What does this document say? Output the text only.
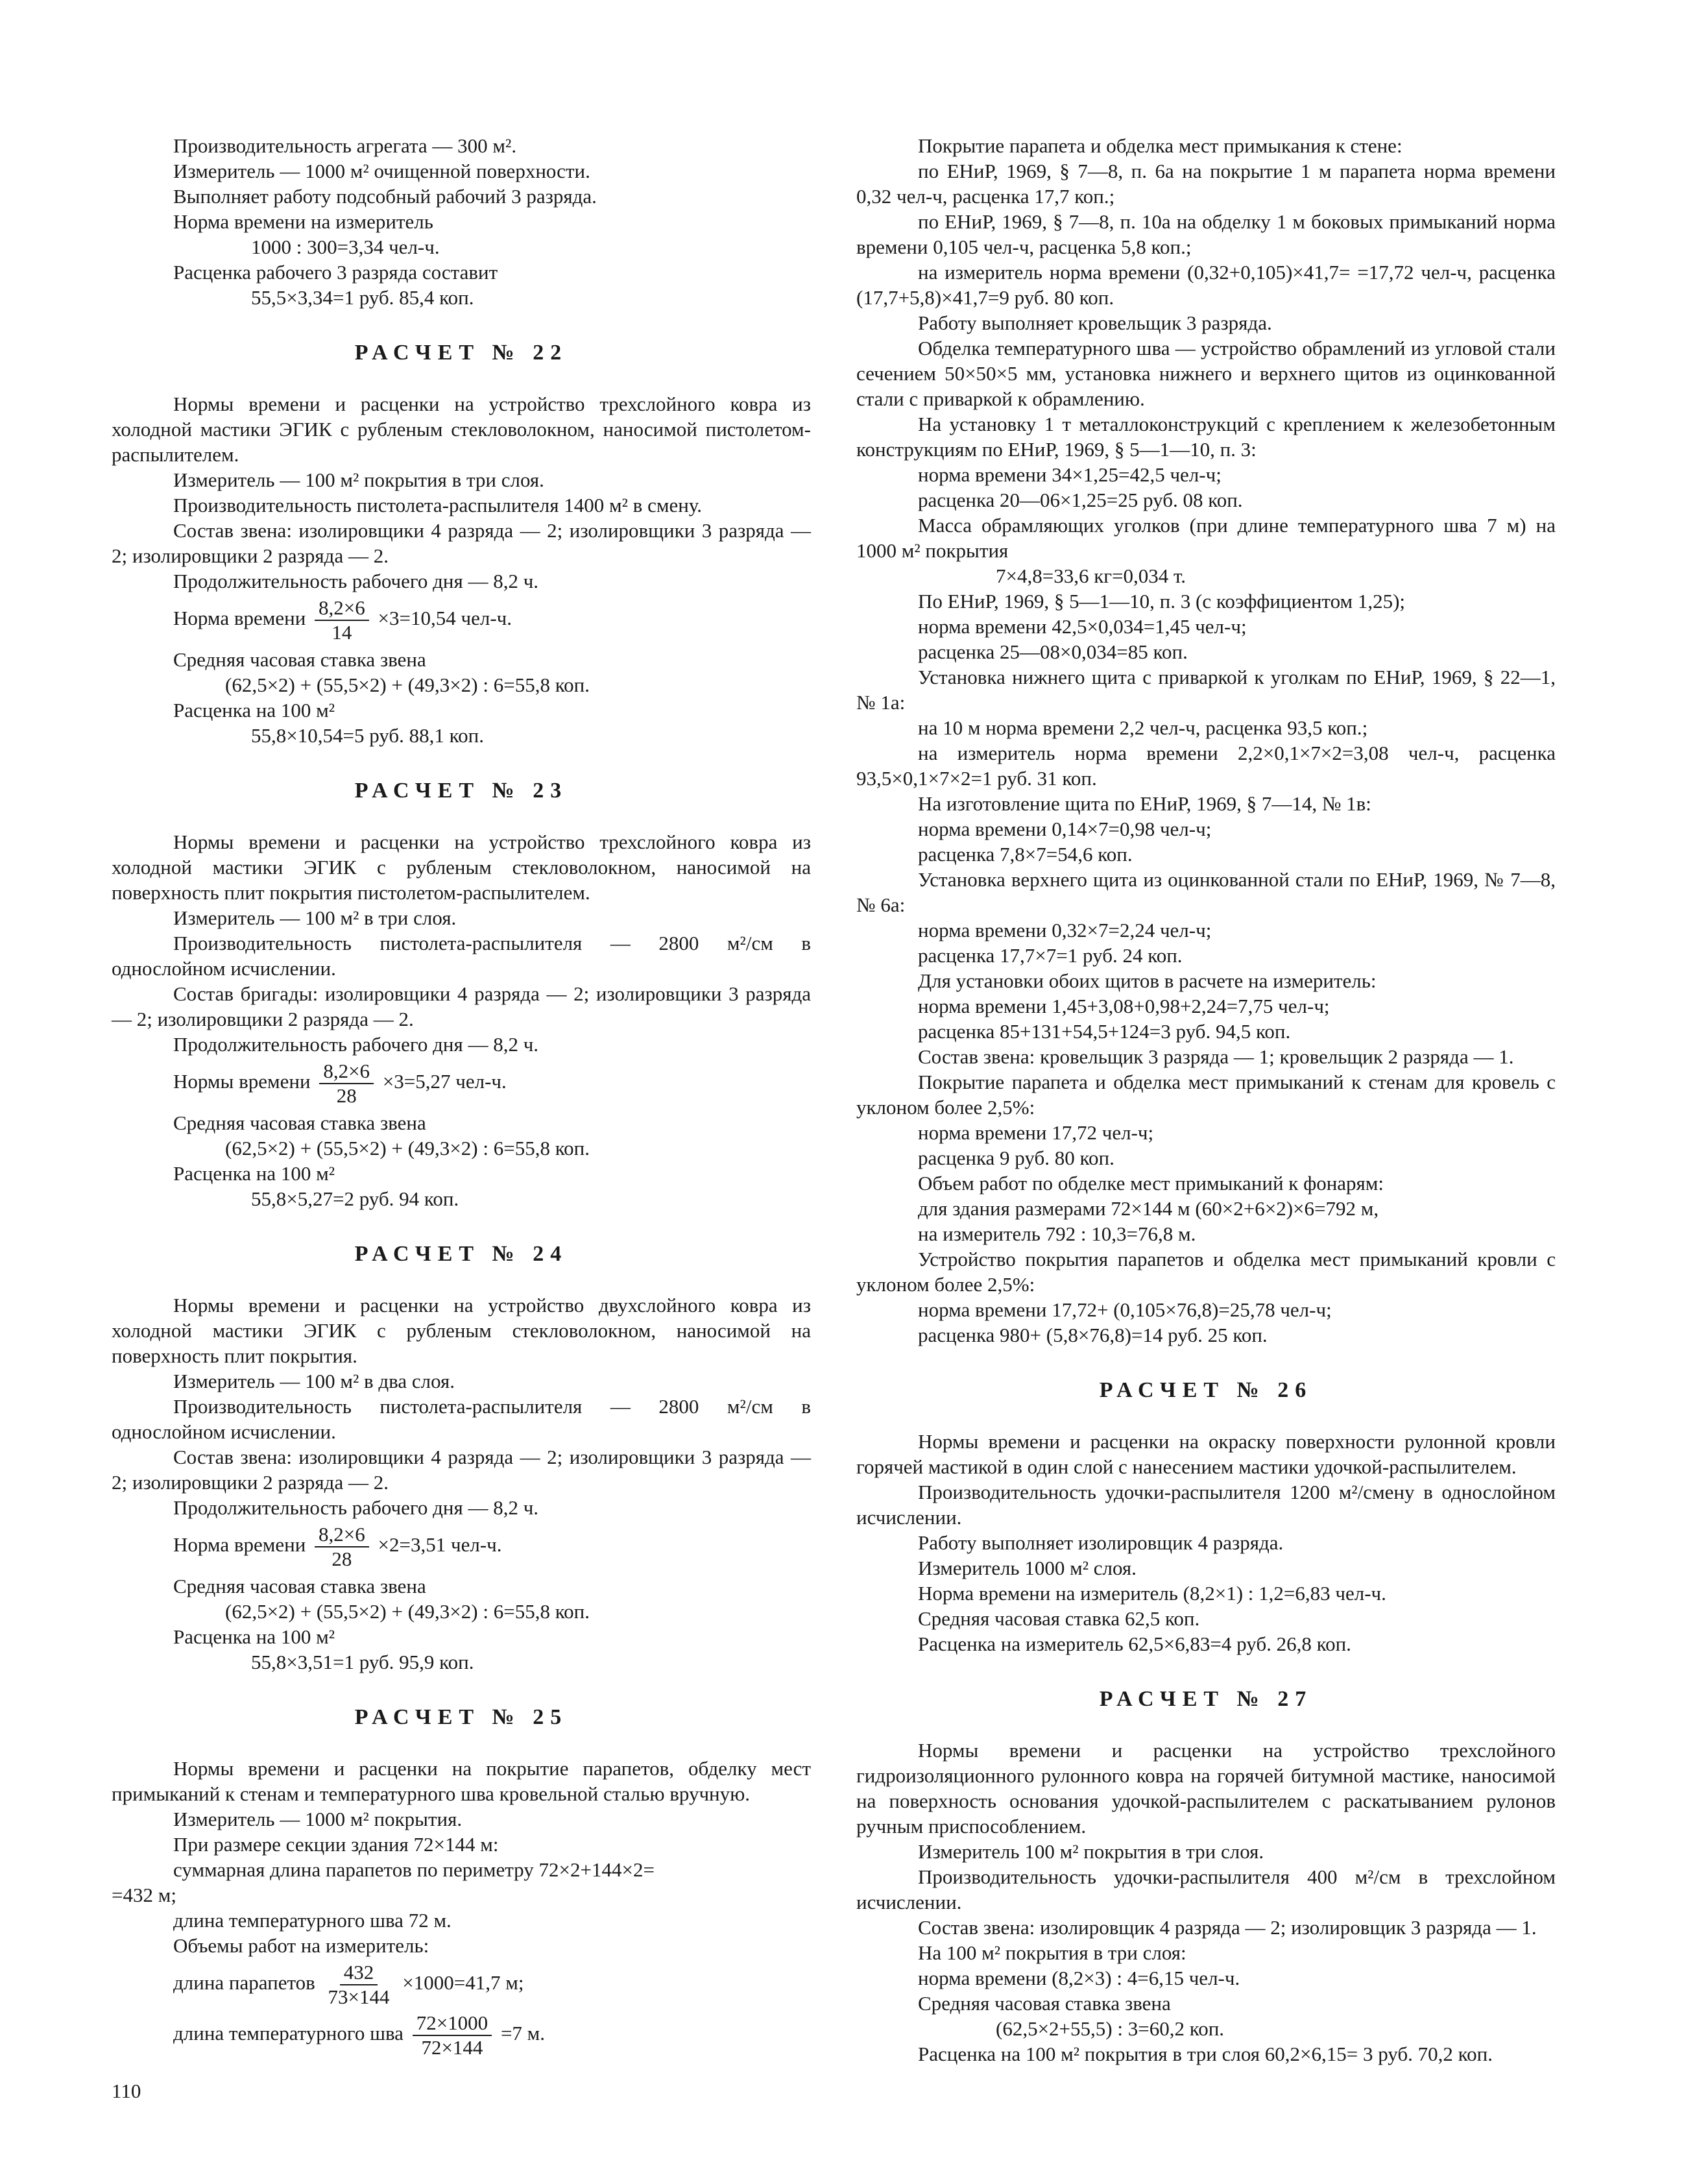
Производительность агрегата — 300 м².

Измеритель — 1000 м² очищенной поверхности.

Выполняет работу подсобный рабочий 3 разряда.

Норма времени на измеритель

1000 : 300=3,34 чел-ч.

Расценка рабочего 3 разряда составит

55,5×3,34=1 руб. 85,4 коп.

РАСЧЕТ № 22

Нормы времени и расценки на устройство трехслойного ковра из холодной мастики ЭГИК с рубленым стекловолокном, наносимой пистолетом-распылителем.

Измеритель — 100 м² покрытия в три слоя.

Производительность пистолета-распылителя 1400 м² в смену.

Состав звена: изолировщики 4 разряда — 2; изолировщики 3 разряда — 2; изолировщики 2 разряда — 2.

Продолжительность рабочего дня — 8,2 ч.

Норма времени $\frac{8,2\times 6}{14} \times 3=10,54$ чел-ч.

Средняя часовая ставка звена

(62,5×2) + (55,5×2) + (49,3×2) : 6=55,8 коп.

Расценка на 100 м²

55,8×10,54=5 руб. 88,1 коп.

РАСЧЕТ № 23

Нормы времени и расценки на устройство трехслойного ковра из холодной мастики ЭГИК с рубленым стекловолокном, наносимой на поверхность плит покрытия пистолетом-распылителем.

Измеритель — 100 м² в три слоя.

Производительность пистолета-распылителя — 2800 м²/см в однослойном исчислении.

Состав бригады: изолировщики 4 разряда — 2; изолировщики 3 разряда — 2; изолировщики 2 разряда — 2.

Продолжительность рабочего дня — 8,2 ч.

Нормы времени $\frac{8,2\times 6}{28} \times 3=5,27$ чел-ч.

Средняя часовая ставка звена

(62,5×2) + (55,5×2) + (49,3×2) : 6=55,8 коп.

Расценка на 100 м²

55,8×5,27=2 руб. 94 коп.

РАСЧЕТ № 24

Нормы времени и расценки на устройство двухслойного ковра из холодной мастики ЭГИК с рубленым стекловолокном, наносимой на поверхность плит покрытия.

Измеритель — 100 м² в два слоя.

Производительность пистолета-распылителя — 2800 м²/см в однослойном исчислении.

Состав звена: изолировщики 4 разряда — 2; изолировщики 3 разряда — 2; изолировщики 2 разряда — 2.

Продолжительность рабочего дня — 8,2 ч.

Норма времени $\frac{8,2\times 6}{28} \times 2=3,51$ чел-ч.

Средняя часовая ставка звена

(62,5×2) + (55,5×2) + (49,3×2) : 6=55,8 коп.

Расценка на 100 м²

55,8×3,51=1 руб. 95,9 коп.

РАСЧЕТ № 25

Нормы времени и расценки на покрытие парапетов, обделку мест примыканий к стенам и температурного шва кровельной сталью вручную.

Измеритель — 1000 м² покрытия.

При размере секции здания 72×144 м:

суммарная длина парапетов по периметру 72×2+144×2=

=432 м;

длина температурного шва 72 м.

Объемы работ на измеритель:

длина парапетов $\frac{432}{73\times 144} \times 1000=41,7$ м;
длина температурного шва $\frac{72\times 1000}{72\times 144} =7$ м.

Покрытие парапета и обделка мест примыкания к стене:

по ЕНиР, 1969, § 7—8, п. 6а на покрытие 1 м парапета норма времени 0,32 чел-ч, расценка 17,7 коп.;

по ЕНиР, 1969, § 7—8, п. 10а на обделку 1 м боковых примыканий норма времени 0,105 чел-ч, расценка 5,8 коп.;

на измеритель норма времени (0,32+0,105)×41,7= =17,72 чел-ч, расценка (17,7+5,8)×41,7=9 руб. 80 коп.

Работу выполняет кровельщик 3 разряда.

Обделка температурного шва — устройство обрамлений из угловой стали сечением 50×50×5 мм, установка нижнего и верхнего щитов из оцинкованной стали с приваркой к обрамлению.

На установку 1 т металлоконструкций с креплением к железобетонным конструкциям по ЕНиР, 1969, § 5—1—10, п. 3:

норма времени 34×1,25=42,5 чел-ч;

расценка 20—06×1,25=25 руб. 08 коп.

Масса обрамляющих уголков (при длине температурного шва 7 м) на 1000 м² покрытия

7×4,8=33,6 кг=0,034 т.

По ЕНиР, 1969, § 5—1—10, п. 3 (с коэффициентом 1,25);

норма времени 42,5×0,034=1,45 чел-ч;

расценка 25—08×0,034=85 коп.

Установка нижнего щита с приваркой к уголкам по ЕНиР, 1969, § 22—1, № 1а:

на 10 м норма времени 2,2 чел-ч, расценка 93,5 коп.;

на измеритель норма времени 2,2×0,1×7×2=3,08 чел-ч, расценка 93,5×0,1×7×2=1 руб. 31 коп.

На изготовление щита по ЕНиР, 1969, § 7—14, № 1в:

норма времени 0,14×7=0,98 чел-ч;

расценка 7,8×7=54,6 коп.

Установка верхнего щита из оцинкованной стали по ЕНиР, 1969, № 7—8, № 6а:

норма времени 0,32×7=2,24 чел-ч;

расценка 17,7×7=1 руб. 24 коп.

Для установки обоих щитов в расчете на измеритель:

норма времени 1,45+3,08+0,98+2,24=7,75 чел-ч;

расценка 85+131+54,5+124=3 руб. 94,5 коп.

Состав звена: кровельщик 3 разряда — 1; кровельщик 2 разряда — 1.

Покрытие парапета и обделка мест примыканий к стенам для кровель с уклоном более 2,5%:

норма времени 17,72 чел-ч;

расценка 9 руб. 80 коп.

Объем работ по обделке мест примыканий к фонарям:

для здания размерами 72×144 м (60×2+6×2)×6=792 м,

на измеритель 792 : 10,3=76,8 м.

Устройство покрытия парапетов и обделка мест примыканий кровли с уклоном более 2,5%:

норма времени 17,72+ (0,105×76,8)=25,78 чел-ч;

расценка 980+ (5,8×76,8)=14 руб. 25 коп.

РАСЧЕТ № 26

Нормы времени и расценки на окраску поверхности рулонной кровли горячей мастикой в один слой с нанесением мастики удочкой-распылителем.

Производительность удочки-распылителя 1200 м²/смену в однослойном исчислении.

Работу выполняет изолировщик 4 разряда.

Измеритель 1000 м² слоя.

Норма времени на измеритель (8,2×1) : 1,2=6,83 чел-ч.

Средняя часовая ставка 62,5 коп.

Расценка на измеритель 62,5×6,83=4 руб. 26,8 коп.

РАСЧЕТ № 27

Нормы времени и расценки на устройство трехслойного гидроизоляционного рулонного ковра на горячей битумной мастике, наносимой на поверхность основания удочкой-распылителем с раскатыванием рулонов ручным приспособлением.

Измеритель 100 м² покрытия в три слоя.

Производительность удочки-распылителя 400 м²/см в трехслойном исчислении.

Состав звена: изолировщик 4 разряда — 2; изолировщик 3 разряда — 1.

На 100 м² покрытия в три слоя:

норма времени (8,2×3) : 4=6,15 чел-ч.

Средняя часовая ставка звена

(62,5×2+55,5) : 3=60,2 коп.

Расценка на 100 м² покрытия в три слоя 60,2×6,15= 3 руб. 70,2 коп.

110
